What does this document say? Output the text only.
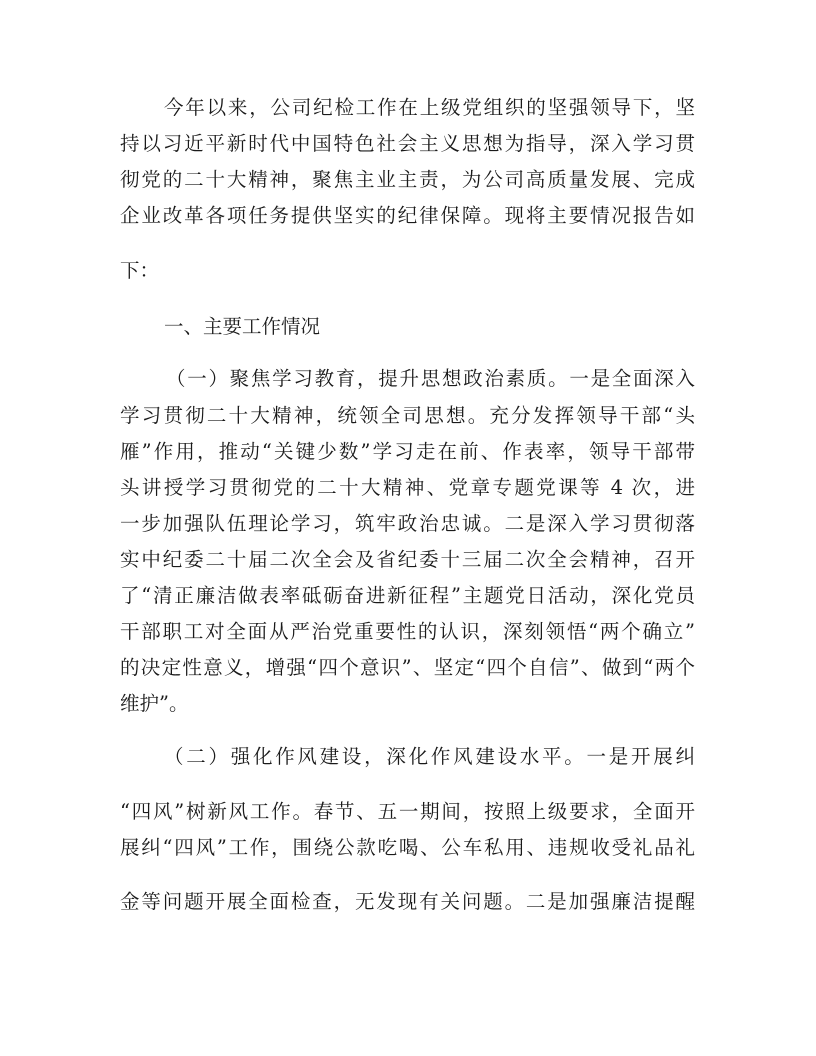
今年以来，公司纪检工作在上级党组织的坚强领导下，坚
持以习近平新时代中国特色社会主义思想为指导，深入学习贯
彻党的二十大精神，聚焦主业主责，为公司高质量发展、完成
企业改革各项任务提供坚实的纪律保障。现将主要情况报告如
下：
一、主要工作情况
（一）聚焦学习教育，提升思想政治素质。一是全面深入
学习贯彻二十大精神，统领全司思想。充分发挥领导干部“头
雁”作用，推动“关键少数”学习走在前、作表率，领导干部带
头讲授学习贯彻党的二十大精神、党章专题党课等 4 次，进
一步加强队伍理论学习，筑牢政治忠诚。二是深入学习贯彻落
实中纪委二十届二次全会及省纪委十三届二次全会精神，召开
了“清正廉洁做表率砥砺奋进新征程”主题党日活动，深化党员
干部职工对全面从严治党重要性的认识，深刻领悟“两个确立”
的决定性意义，增强“四个意识”、坚定“四个自信”、做到“两个
维护”。
（二）强化作风建设，深化作风建设水平。一是开展纠
“四风”树新风工作。春节、五一期间，按照上级要求，全面开
展纠“四风”工作，围绕公款吃喝、公车私用、违规收受礼品礼
金等问题开展全面检查，无发现有关问题。二是加强廉洁提醒
